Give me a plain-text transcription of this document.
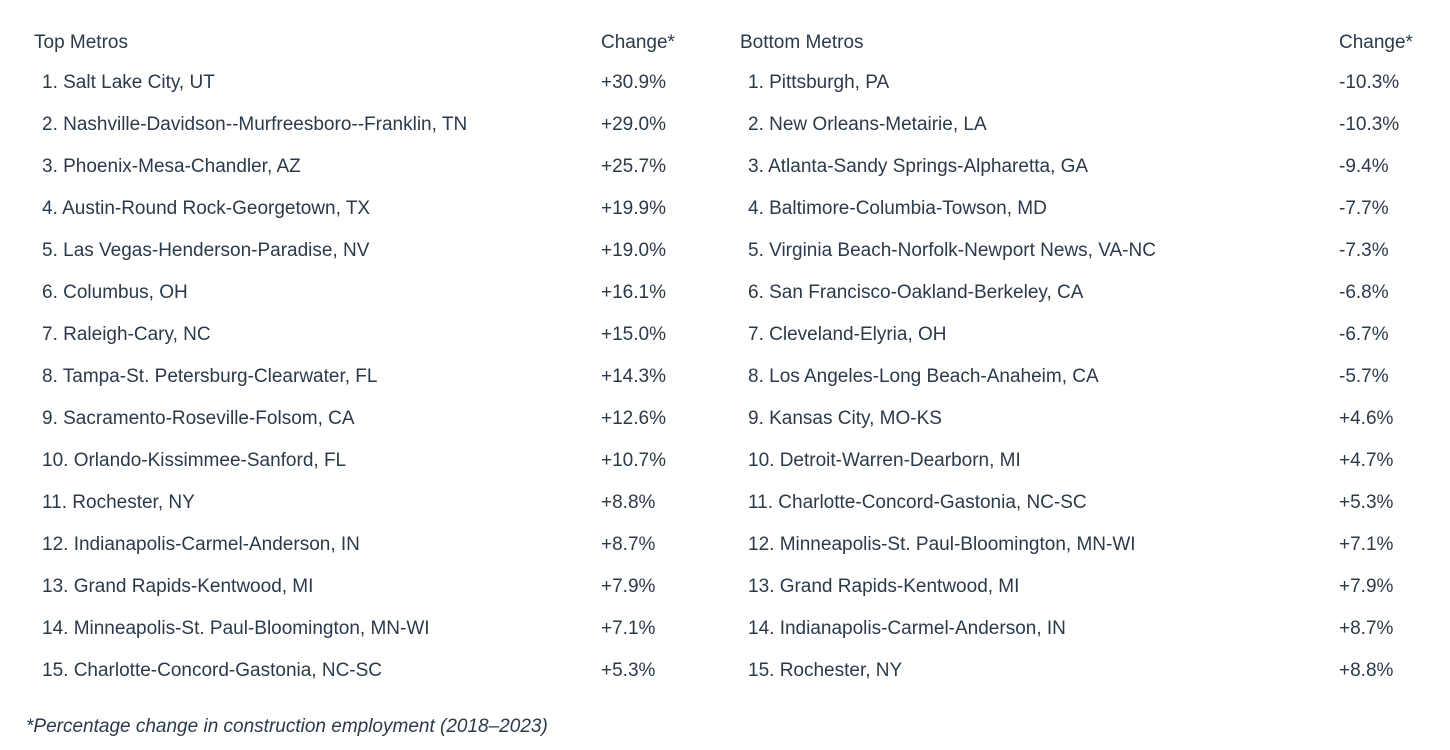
Top Metros	Change*
1. Salt Lake City, UT	+30.9%
2. Nashville-Davidson--Murfreesboro--Franklin, TN	+29.0%
3. Phoenix-Mesa-Chandler, AZ	+25.7%
4. Austin-Round Rock-Georgetown, TX	+19.9%
5. Las Vegas-Henderson-Paradise, NV	+19.0%
6. Columbus, OH	+16.1%
7. Raleigh-Cary, NC	+15.0%
8. Tampa-St. Petersburg-Clearwater, FL	+14.3%
9. Sacramento-Roseville-Folsom, CA	+12.6%
10. Orlando-Kissimmee-Sanford, FL	+10.7%
11. Rochester, NY	+8.8%
12. Indianapolis-Carmel-Anderson, IN	+8.7%
13. Grand Rapids-Kentwood, MI	+7.9%
14. Minneapolis-St. Paul-Bloomington, MN-WI	+7.1%
15. Charlotte-Concord-Gastonia, NC-SC	+5.3%
Bottom Metros	Change*
1. Pittsburgh, PA	-10.3%
2. New Orleans-Metairie, LA	-10.3%
3. Atlanta-Sandy Springs-Alpharetta, GA	-9.4%
4. Baltimore-Columbia-Towson, MD	-7.7%
5. Virginia Beach-Norfolk-Newport News, VA-NC	-7.3%
6. San Francisco-Oakland-Berkeley, CA	-6.8%
7. Cleveland-Elyria, OH	-6.7%
8. Los Angeles-Long Beach-Anaheim, CA	-5.7%
9. Kansas City, MO-KS	+4.6%
10. Detroit-Warren-Dearborn, MI	+4.7%
11. Charlotte-Concord-Gastonia, NC-SC	+5.3%
12. Minneapolis-St. Paul-Bloomington, MN-WI	+7.1%
13. Grand Rapids-Kentwood, MI	+7.9%
14. Indianapolis-Carmel-Anderson, IN	+8.7%
15. Rochester, NY	+8.8%
*Percentage change in construction employment (2018–2023)
